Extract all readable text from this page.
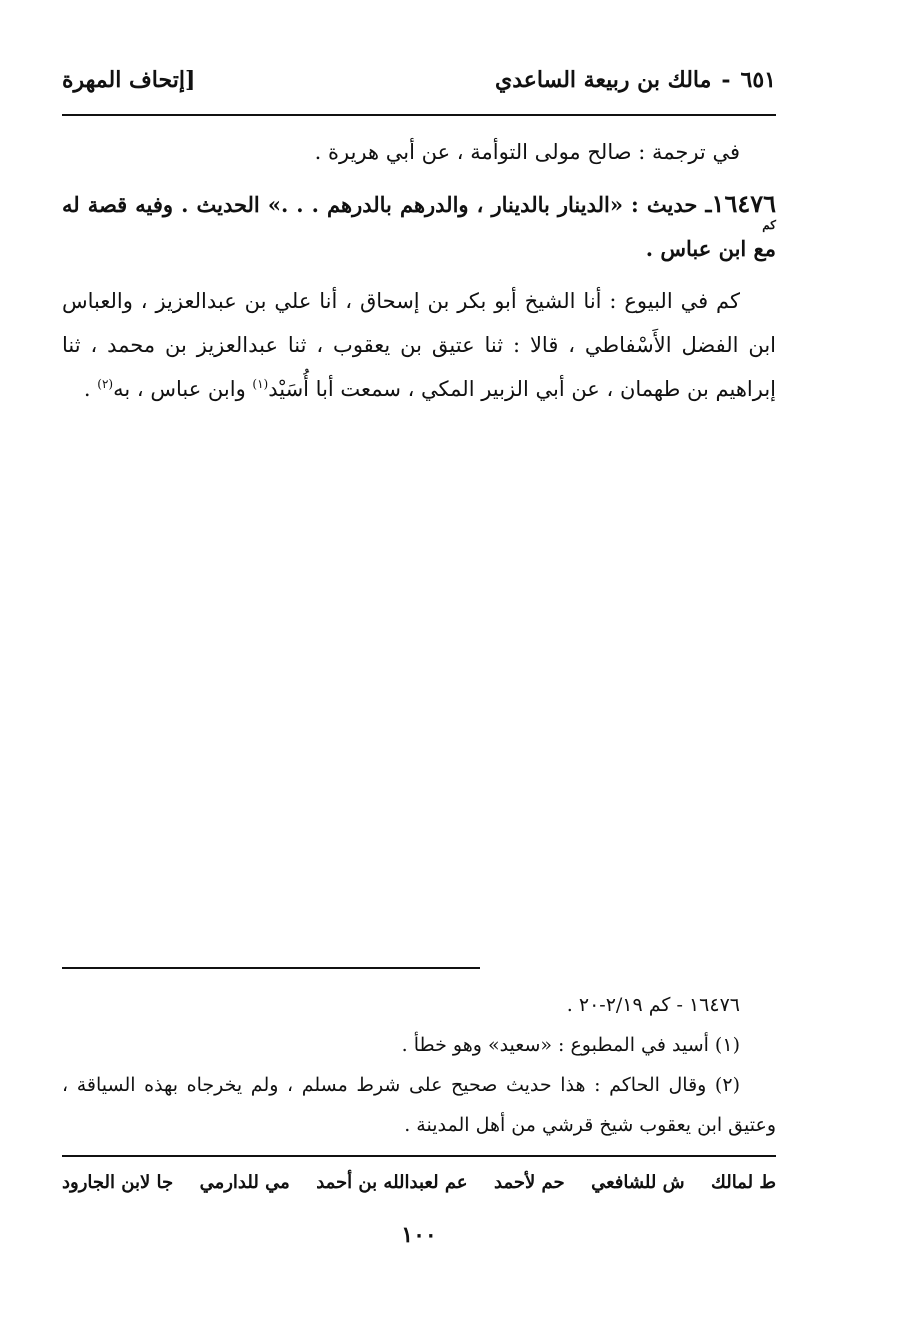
٦٥١
-
مالك بن ربيعة الساعدي
[إتحاف المهرة

في ترجمة : صالح مولى التوأمة ، عن أبي هريرة .

١٦٤٧٦ـ حديث : «الدينار بالدينار ، والدرهم بالدرهم . . .» الحديث . وفيه قصة له مع ابن عباس .

كم في البيوع : أنا الشيخ أبو بكر بن إسحاق ، أنا علي بن عبدالعزيز ، والعباس ابن الفضل الأَسْفاطي ، قالا : ثنا عتيق بن يعقوب ، ثنا عبدالعزيز بن محمد ، ثنا إبراهيم بن طهمان ، عن أبي الزبير المكي ، سمعت أبا أُسَيْد$^{(١)}$ وابن عباس ، به$^{(٢)}$ .

كم

١٦٤٧٦ - كم ٢/١٩-٢٠ .

(١) أسيد في المطبوع : «سعيد» وهو خطأ .

(٢) وقال الحاكم : هذا حديث صحيح على شرط مسلم ، ولم يخرجاه بهذه السياقة ، وعتيق ابن يعقوب شيخ قرشي من أهل المدينة .

ط لمالك
ش للشافعي
حم لأحمد
عم لعبدالله بن أحمد
مي للدارمي
جا لابن الجارود
١٠٠
